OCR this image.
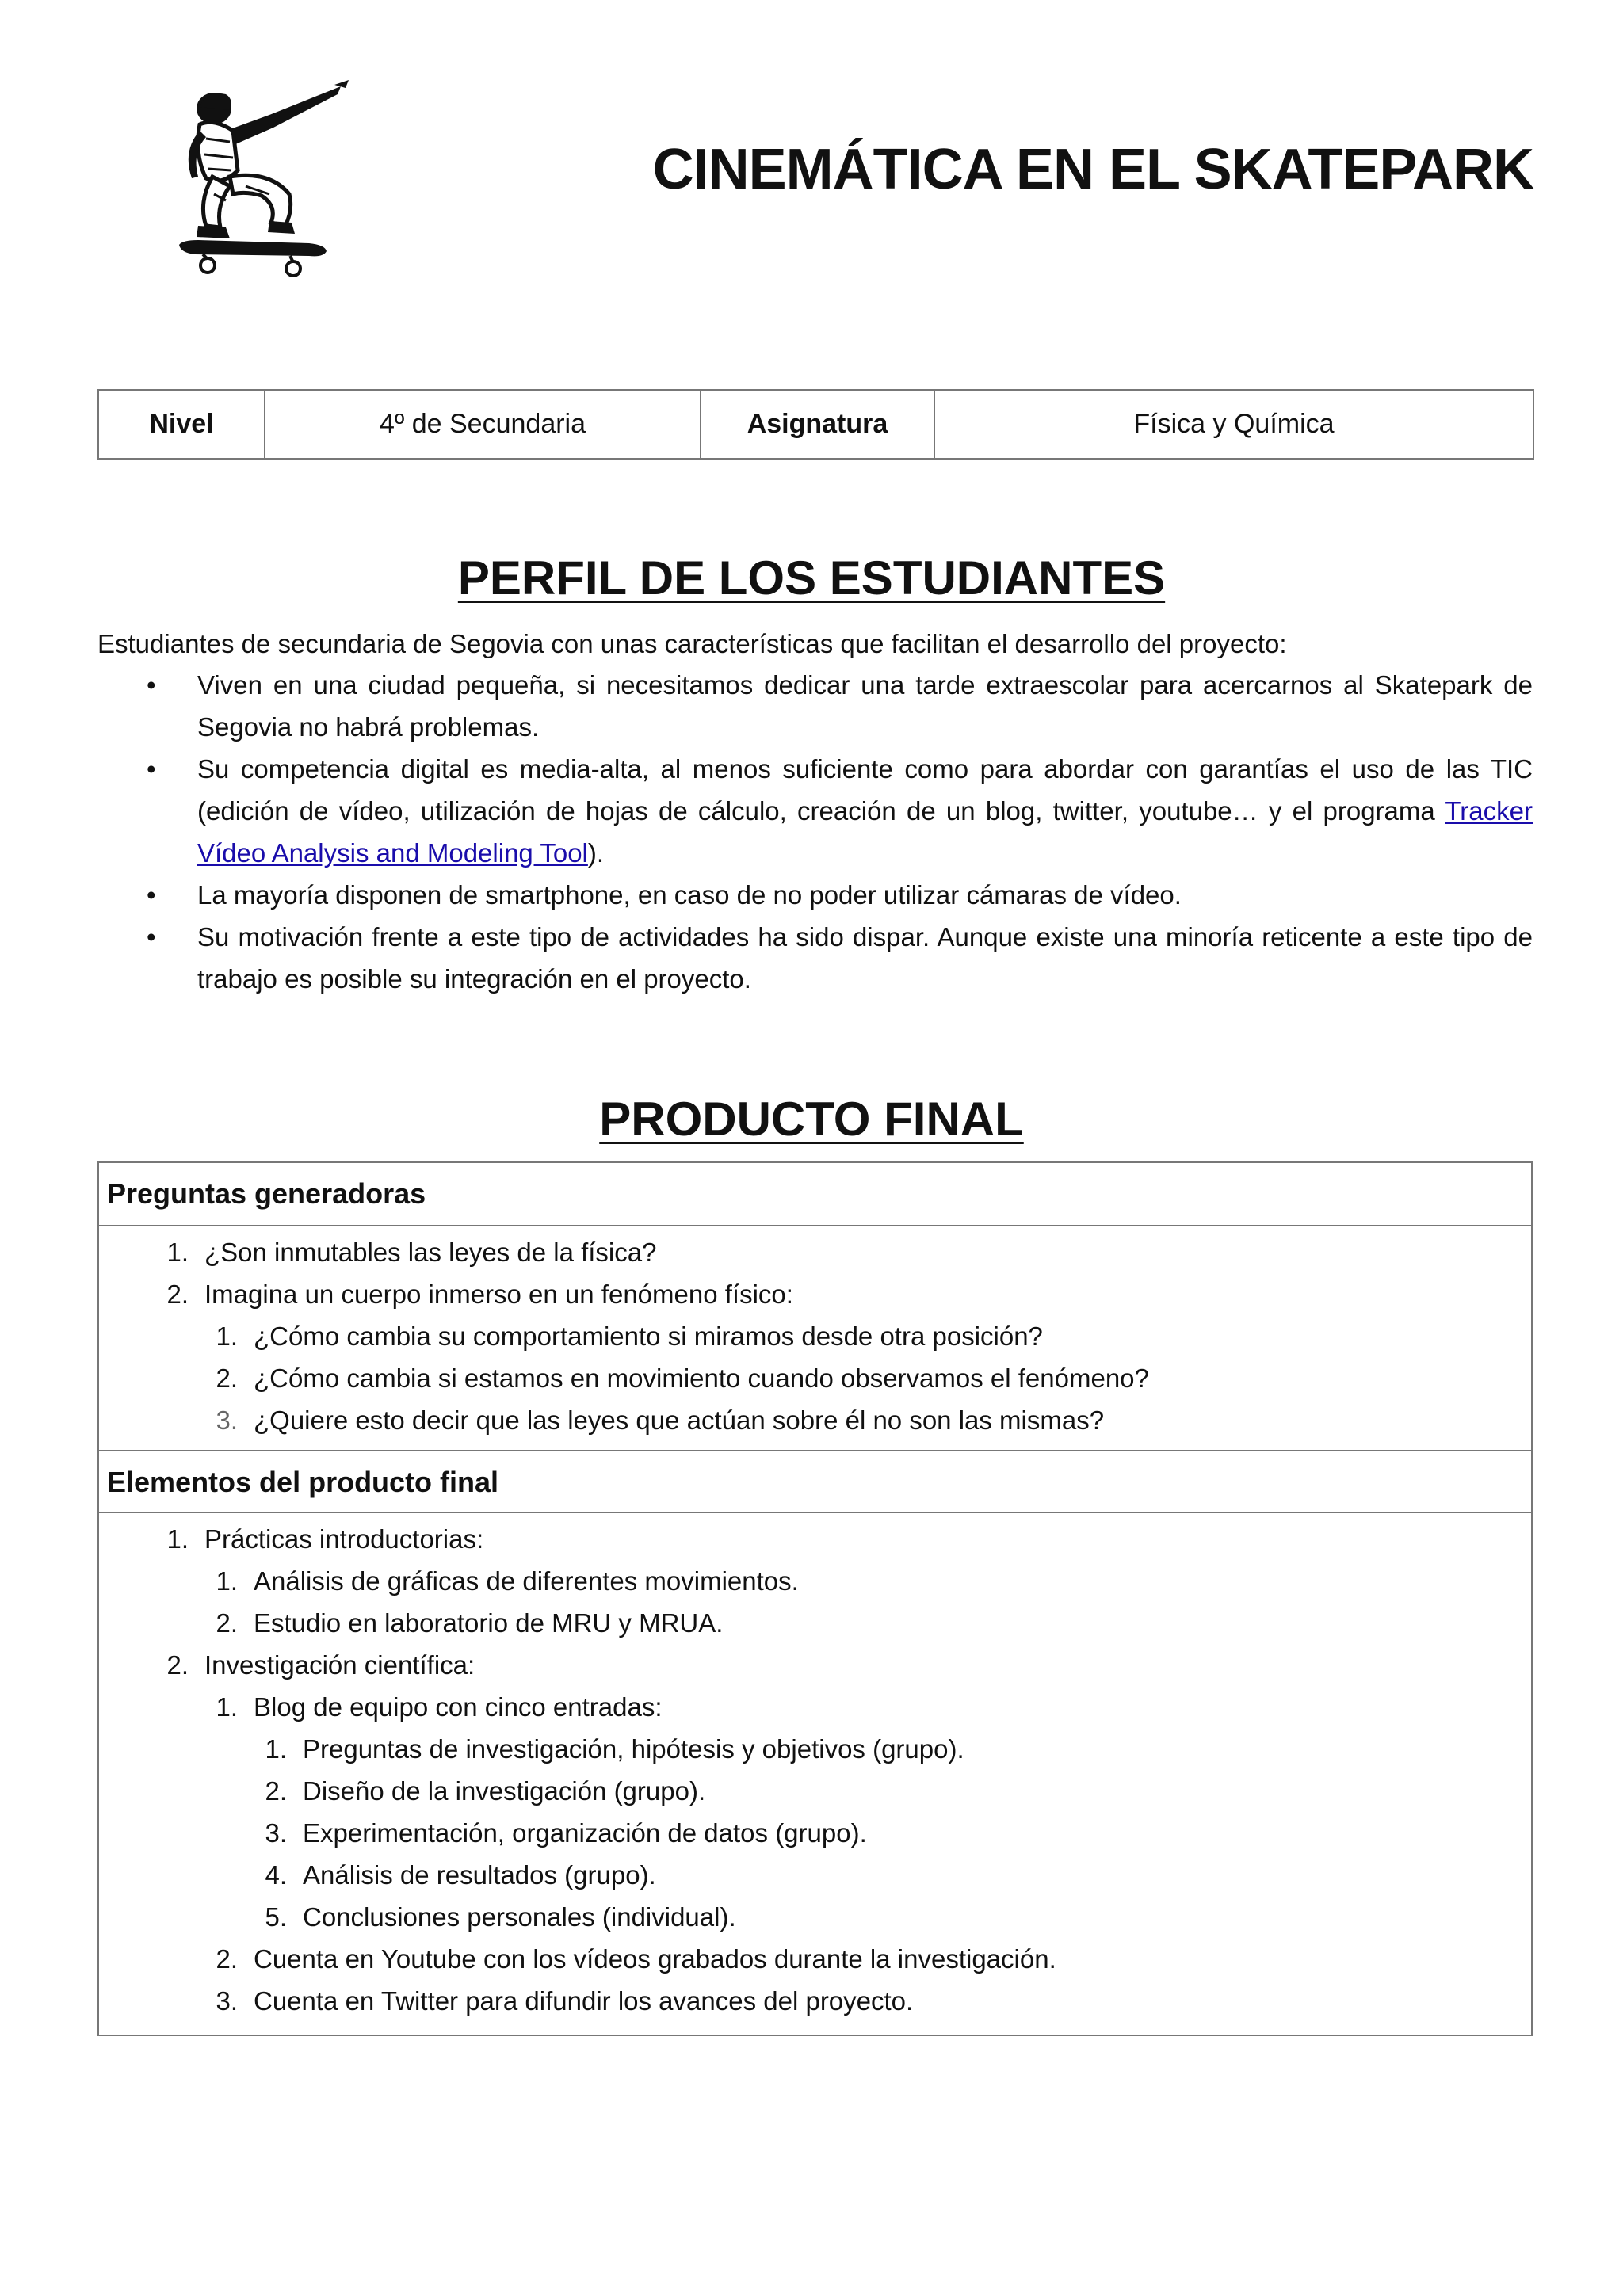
CINEMÁTICA EN EL SKATEPARK
Nivel	4º de Secundaria	Asignatura	Física y Química
PERFIL DE LOS ESTUDIANTES

Estudiantes de secundaria de Segovia con unas características que facilitan el desarrollo del proyecto:

• Viven en una ciudad pequeña, si necesitamos dedicar una tarde extraescolar para acercarnos al Skatepark de Segovia no habrá problemas.
• Su competencia digital es media-alta, al menos suficiente como para abordar con garantías el uso de las TIC (edición de vídeo, utilización de hojas de cálculo, creación de un blog, twitter, youtube… y el programa Tracker Vídeo Analysis and Modeling Tool).
• La mayoría disponen de smartphone, en caso de no poder utilizar cámaras de vídeo.
• Su motivación frente a este tipo de actividades ha sido dispar. Aunque existe una minoría reticente a este tipo de trabajo es posible su integración en el proyecto.
PRODUCTO FINAL
Preguntas generadoras
1. ¿Son inmutables las leyes de la física?
2. Imagina un cuerpo inmerso en un fenómeno físico:
1. ¿Cómo cambia su comportamiento si miramos desde otra posición?
2. ¿Cómo cambia si estamos en movimiento cuando observamos el fenómeno?
3. ¿Quiere esto decir que las leyes que actúan sobre él no son las mismas?
Elementos del producto final
1. Prácticas introductorias:
1. Análisis de gráficas de diferentes movimientos.
2. Estudio en laboratorio de MRU y MRUA.
2. Investigación científica:
1. Blog de equipo con cinco entradas:
1. Preguntas de investigación, hipótesis y objetivos (grupo).
2. Diseño de la investigación (grupo).
3. Experimentación, organización de datos (grupo).
4. Análisis de resultados (grupo).
5. Conclusiones personales (individual).
2. Cuenta en Youtube con los vídeos grabados durante la investigación.
3. Cuenta en Twitter para difundir los avances del proyecto.
